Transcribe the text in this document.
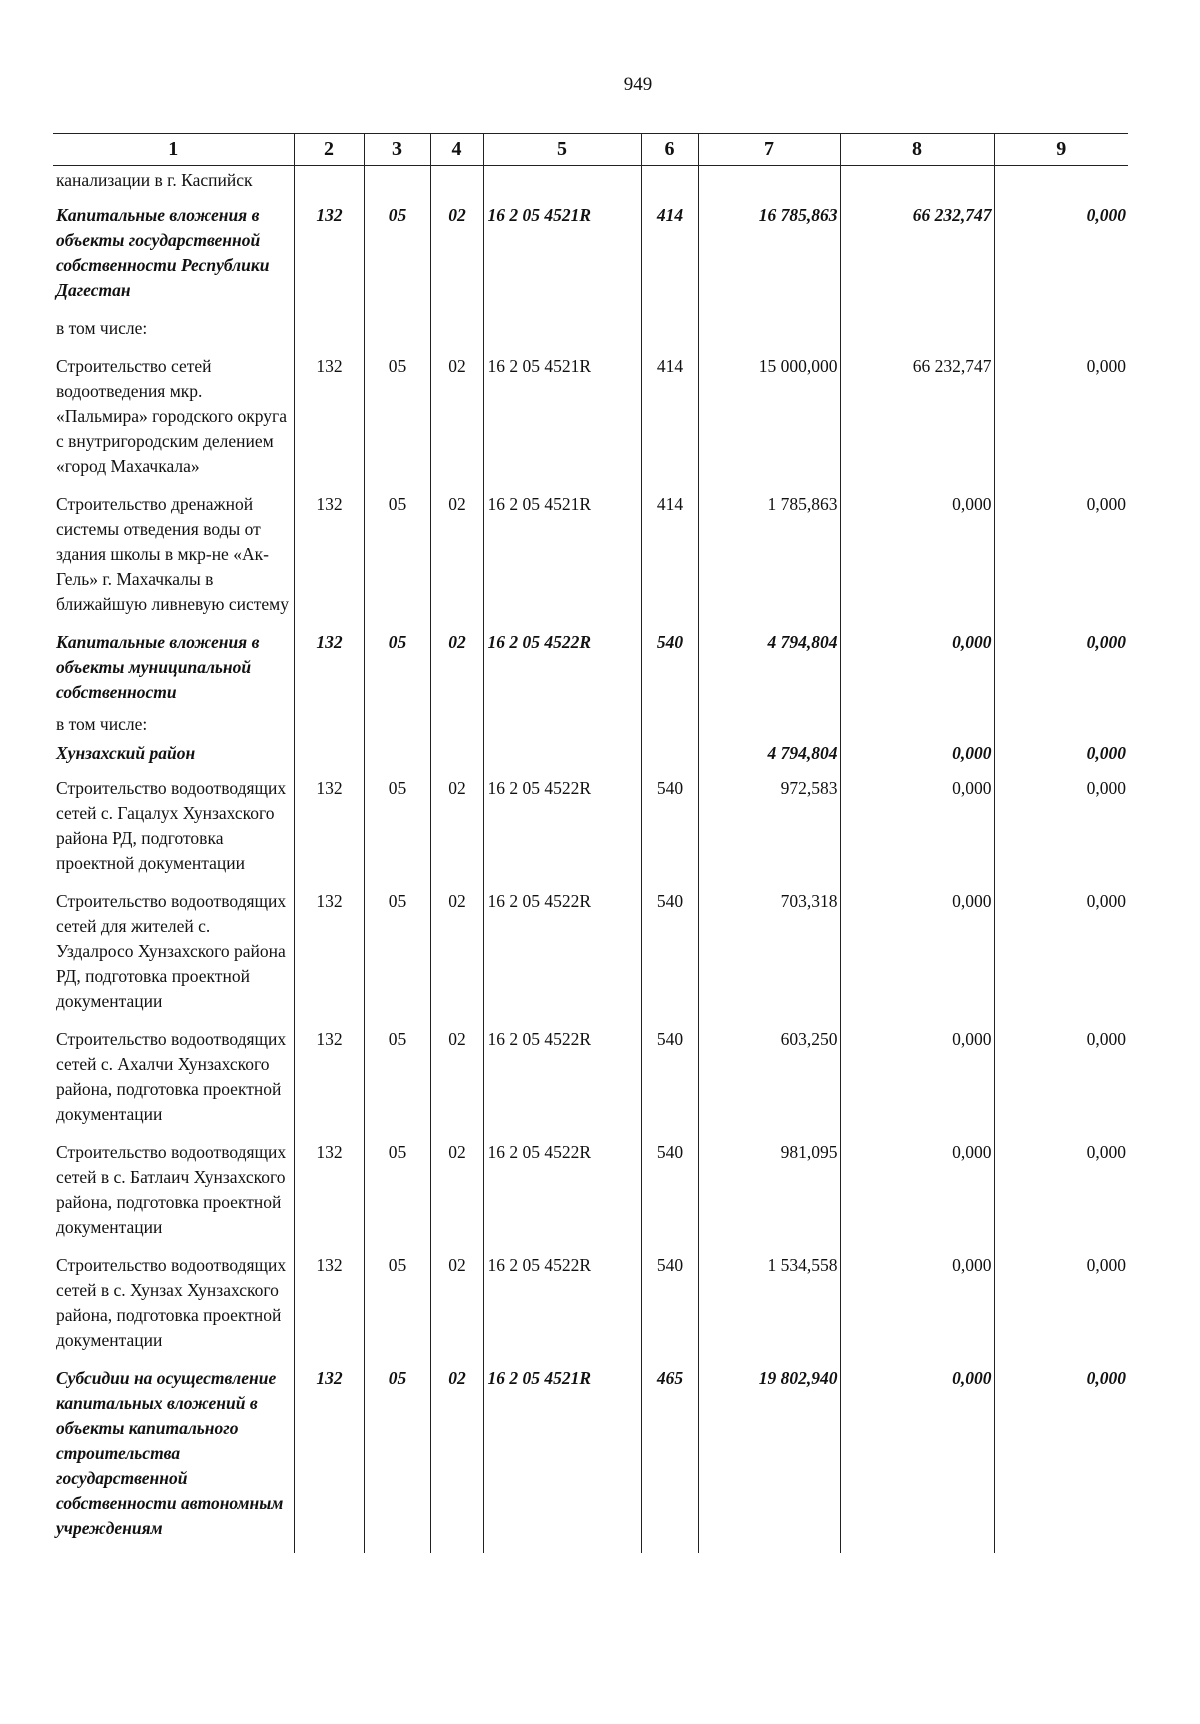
949
1	2	3	4	5	6	7	8	9
канализации в г. Каспийск								
Капитальные вложения в объекты государственной собственности Республики Дагестан	132	05	02	16 2 05 4521R	414	16 785,863	66 232,747	0,000
в том числе:								
Строительство сетей водоотведения мкр. «Пальмира» городского округа с внутригородским делением «город Махачкала»	132	05	02	16 2 05 4521R	414	15 000,000	66 232,747	0,000
Строительство дренажной системы отведения воды от здания школы в мкр-не «Ак-Гель» г. Махачкалы в ближайшую ливневую систему	132	05	02	16 2 05 4521R	414	1 785,863	0,000	0,000
Капитальные вложения в объекты муниципальной собственности	132	05	02	16 2 05 4522R	540	4 794,804	0,000	0,000
в том числе:								
Хунзахский район						4 794,804	0,000	0,000
Строительство водоотводящих сетей с. Гацалух Хунзахского района РД, подготовка проектной документации	132	05	02	16 2 05 4522R	540	972,583	0,000	0,000
Строительство водоотводящих сетей для жителей с. Уздалросо Хунзахского района РД, подготовка проектной документации	132	05	02	16 2 05 4522R	540	703,318	0,000	0,000
Строительство водоотводящих сетей с. Ахалчи Хунзахского района, подготовка проектной документации	132	05	02	16 2 05 4522R	540	603,250	0,000	0,000
Строительство водоотводящих сетей в с. Батлаич Хунзахского района, подготовка проектной документации	132	05	02	16 2 05 4522R	540	981,095	0,000	0,000
Строительство водоотводящих сетей в с. Хунзах Хунзахского района, подготовка проектной документации	132	05	02	16 2 05 4522R	540	1 534,558	0,000	0,000
Субсидии на осуществление капитальных вложений в объекты капитального строительства государственной собственности автономным учреждениям	132	05	02	16 2 05 4521R	465	19 802,940	0,000	0,000
